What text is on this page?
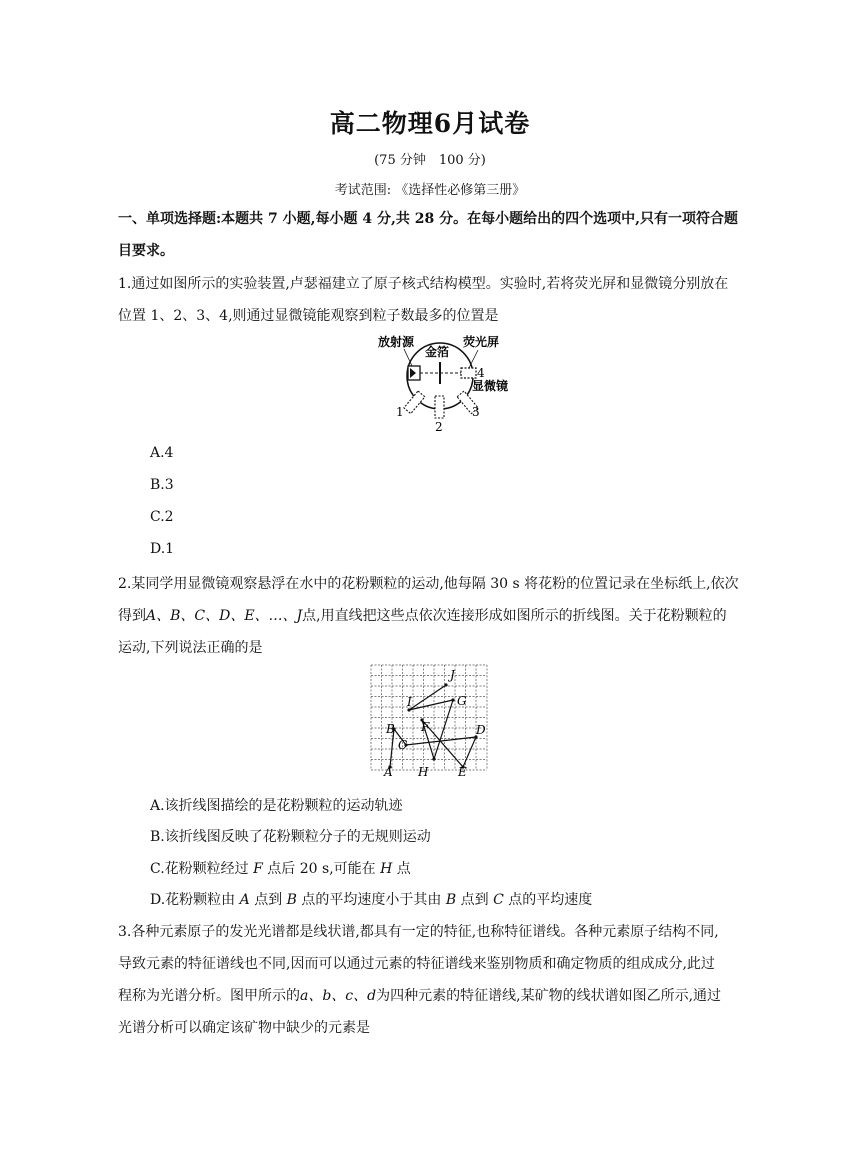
高二物理6月试卷
(75 分钟　100 分)
考试范围: 《选择性必修第三册》
一、单项选择题:本题共 7 小题,每小题 4 分,共 28 分。在每小题给出的四个选项中,只有一项符合题
目要求。
1.通过如图所示的实验装置,卢瑟福建立了原子核式结构模型。实验时,若将荧光屏和显微镜分别放在
位置 1、2、3、4,则通过显微镜能观察到粒子数最多的位置是
放射源
金箔
荧光屏
4
显微镜
1
2
3
A.4
B.3
C.2
D.1
2.某同学用显微镜观察悬浮在水中的花粉颗粒的运动,他每隔 30 s 将花粉的位置记录在坐标纸上,依次
得到A、B、C、D、E、…、J点,用直线把这些点依次连接形成如图所示的折线图。关于花粉颗粒的
运动,下列说法正确的是
A
B
C
D
E
F
G
H
I
J
A.该折线图描绘的是花粉颗粒的运动轨迹
B.该折线图反映了花粉颗粒分子的无规则运动
C.花粉颗粒经过 F 点后 20 s,可能在 H 点
D.花粉颗粒由 A 点到 B 点的平均速度小于其由 B 点到 C 点的平均速度
3.各种元素原子的发光光谱都是线状谱,都具有一定的特征,也称特征谱线。各种元素原子结构不同,
导致元素的特征谱线也不同,因而可以通过元素的特征谱线来鉴别物质和确定物质的组成成分,此过
程称为光谱分析。图甲所示的a、b、c、d为四种元素的特征谱线,某矿物的线状谱如图乙所示,通过
光谱分析可以确定该矿物中缺少的元素是
